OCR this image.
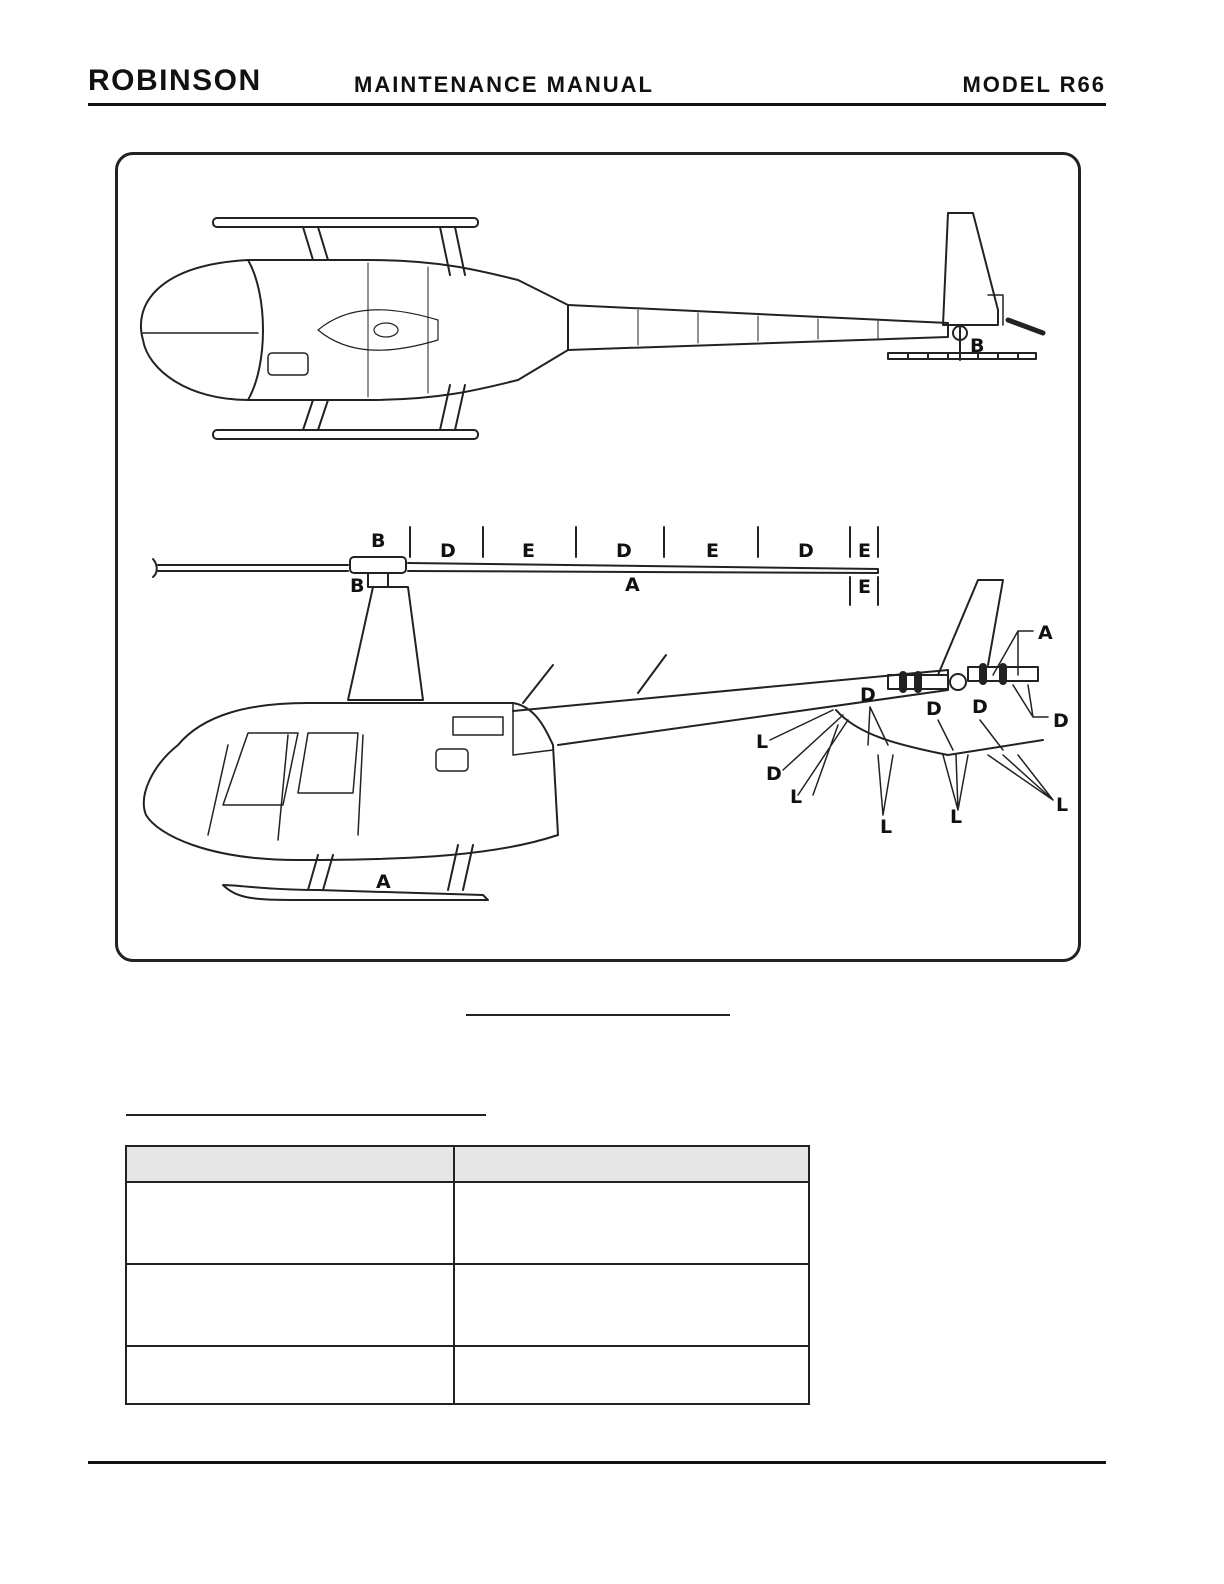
ROBINSON	MAINTENANCE MANUAL	MODEL R66
B
B
B
D	E	D	E	D E
A	E
A
A
D
D
D D
D
L
L
L	L
L
